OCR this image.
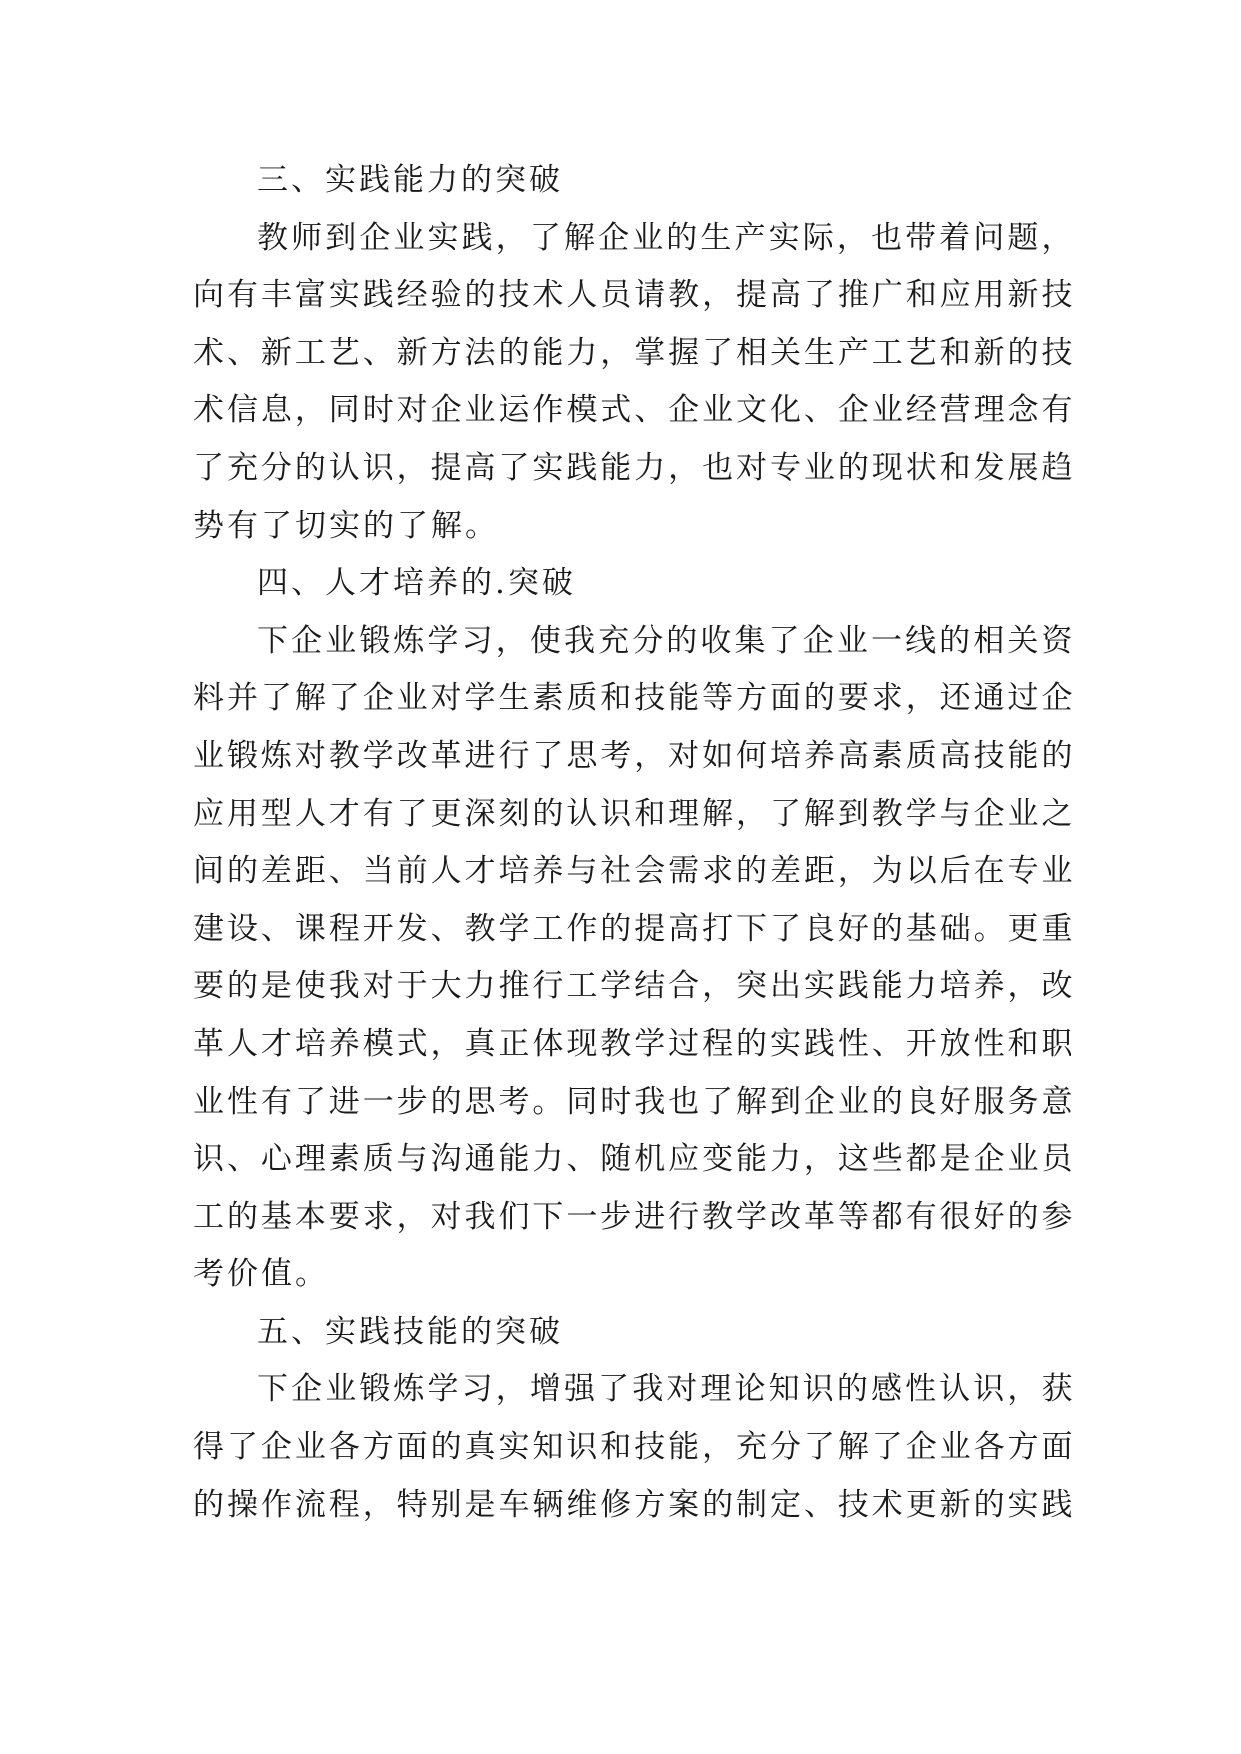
三、实践能力的突破
教师到企业实践，了解企业的生产实际，也带着问题，
向有丰富实践经验的技术人员请教，提高了推广和应用新技
术、新工艺、新方法的能力，掌握了相关生产工艺和新的技
术信息，同时对企业运作模式、企业文化、企业经营理念有
了充分的认识，提高了实践能力，也对专业的现状和发展趋
势有了切实的了解。
四、人才培养的.突破
下企业锻炼学习，使我充分的收集了企业一线的相关资
料并了解了企业对学生素质和技能等方面的要求，还通过企
业锻炼对教学改革进行了思考，对如何培养高素质高技能的
应用型人才有了更深刻的认识和理解，了解到教学与企业之
间的差距、当前人才培养与社会需求的差距，为以后在专业
建设、课程开发、教学工作的提高打下了良好的基础。更重
要的是使我对于大力推行工学结合，突出实践能力培养，改
革人才培养模式，真正体现教学过程的实践性、开放性和职
业性有了进一步的思考。同时我也了解到企业的良好服务意
识、心理素质与沟通能力、随机应变能力，这些都是企业员
工的基本要求，对我们下一步进行教学改革等都有很好的参
考价值。
五、实践技能的突破
下企业锻炼学习，增强了我对理论知识的感性认识，获
得了企业各方面的真实知识和技能，充分了解了企业各方面
的操作流程，特别是车辆维修方案的制定、技术更新的实践
